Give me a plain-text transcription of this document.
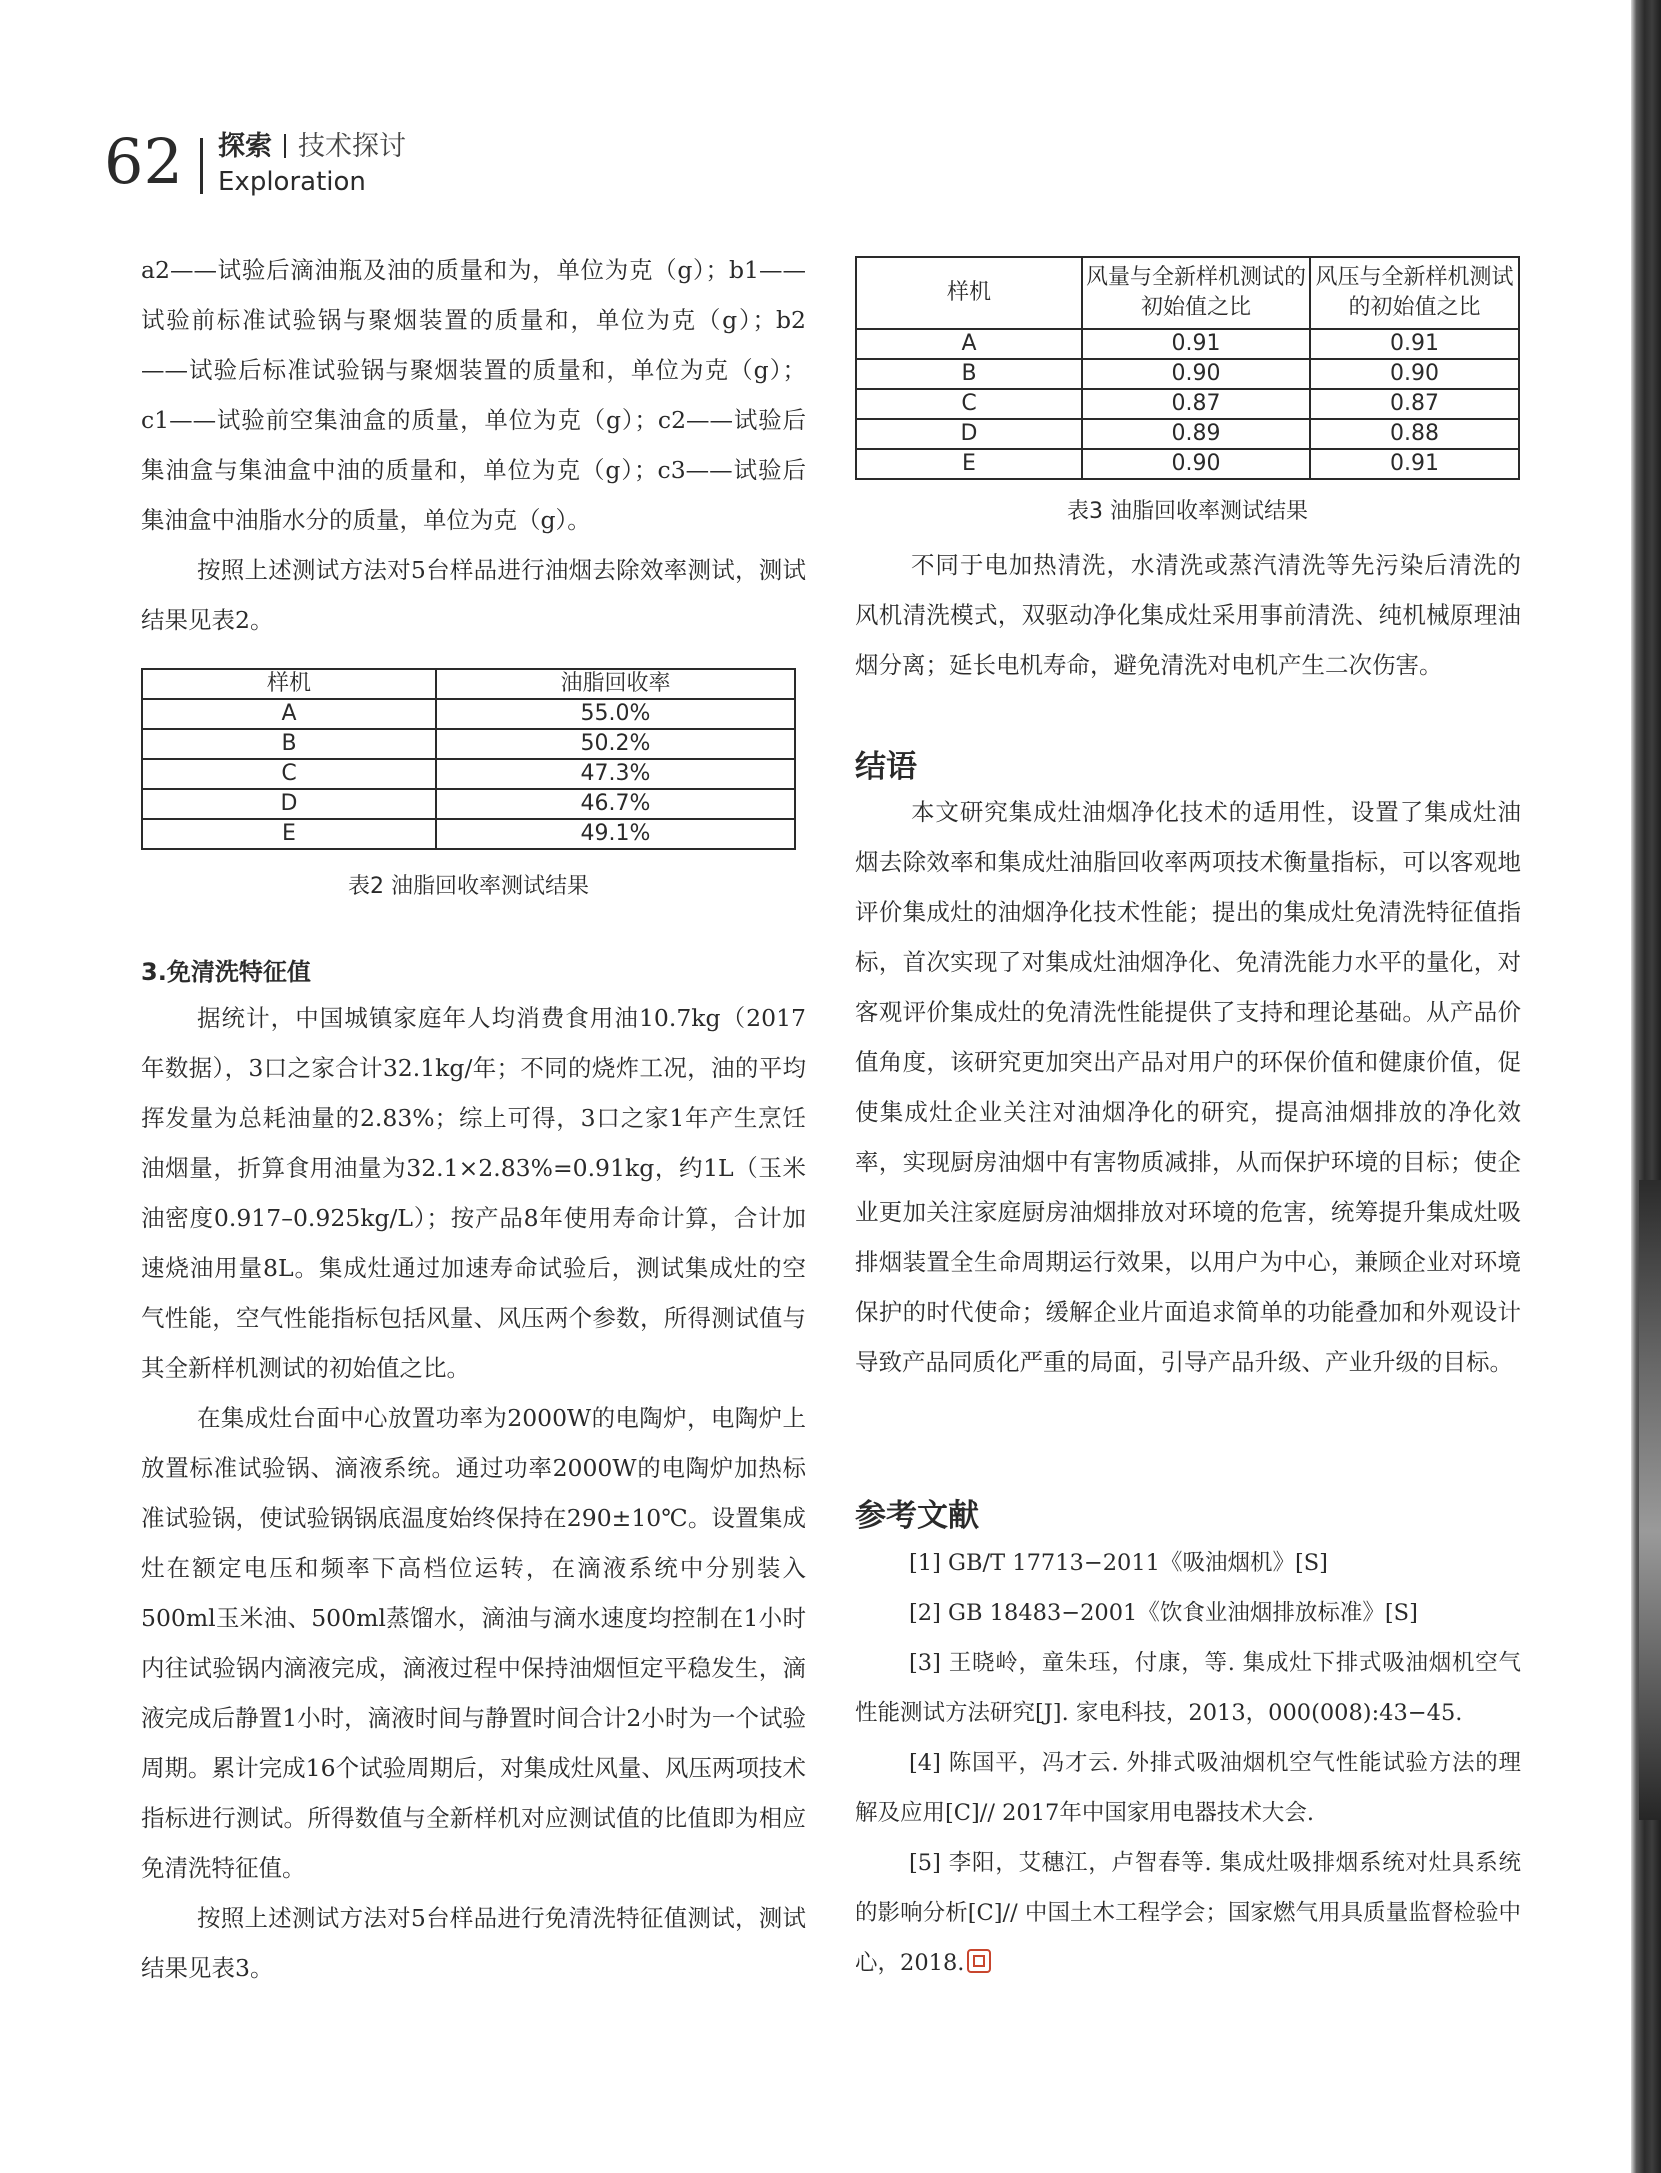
62 探索 技术探讨
Exploration

a2——试验后滴油瓶及油的质量和为，单位为克（g）；b1——试验前标准试验锅与聚烟装置的质量和，单位为克（g）；b2——试验后标准试验锅与聚烟装置的质量和，单位为克（g）；c1——试验前空集油盒的质量，单位为克（g）；c2——试验后集油盒与集油盒中油的质量和，单位为克（g）；c3——试验后集油盒中油脂水分的质量，单位为克（g）。

按照上述测试方法对5台样品进行油烟去除效率测试，测试结果见表2。

样机	油脂回收率
A	55.0%
B	50.2%
C	47.3%
D	46.7%
E	49.1%
表2 油脂回收率测试结果
3.免清洗特征值

据统计，中国城镇家庭年人均消费食用油10.7kg（2017年数据），3口之家合计32.1kg/年；不同的烧炸工况，油的平均挥发量为总耗油量的2.83%；综上可得，3口之家1年产生烹饪油烟量，折算食用油量为32.1×2.83%=0.91kg，约1L（玉米油密度0.917–0.925kg/L）；按产品8年使用寿命计算，合计加速烧油用量8L。集成灶通过加速寿命试验后，测试集成灶的空气性能，空气性能指标包括风量、风压两个参数，所得测试值与其全新样机测试的初始值之比。

在集成灶台面中心放置功率为2000W的电陶炉，电陶炉上放置标准试验锅、滴液系统。通过功率2000W的电陶炉加热标准试验锅，使试验锅锅底温度始终保持在290±10℃。设置集成灶在额定电压和频率下高档位运转，在滴液系统中分别装入500ml玉米油、500ml蒸馏水，滴油与滴水速度均控制在1小时内往试验锅内滴液完成，滴液过程中保持油烟恒定平稳发生，滴液完成后静置1小时，滴液时间与静置时间合计2小时为一个试验周期。累计完成16个试验周期后，对集成灶风量、风压两项技术指标进行测试。所得数值与全新样机对应测试值的比值即为相应免清洗特征值。

按照上述测试方法对5台样品进行免清洗特征值测试，测试结果见表3。

样机	风量与全新样机测试的初始值之比	风压与全新样机测试的初始值之比
A	0.91	0.91
B	0.90	0.90
C	0.87	0.87
D	0.89	0.88
E	0.90	0.91
表3 油脂回收率测试结果

不同于电加热清洗，水清洗或蒸汽清洗等先污染后清洗的风机清洗模式，双驱动净化集成灶采用事前清洗、纯机械原理油烟分离；延长电机寿命，避免清洗对电机产生二次伤害。

结语

本文研究集成灶油烟净化技术的适用性，设置了集成灶油烟去除效率和集成灶油脂回收率两项技术衡量指标，可以客观地评价集成灶的油烟净化技术性能；提出的集成灶免清洗特征值指标，首次实现了对集成灶油烟净化、免清洗能力水平的量化，对客观评价集成灶的免清洗性能提供了支持和理论基础。从产品价值角度，该研究更加突出产品对用户的环保价值和健康价值，促使集成灶企业关注对油烟净化的研究，提高油烟排放的净化效率，实现厨房油烟中有害物质减排，从而保护环境的目标；使企业更加关注家庭厨房油烟排放对环境的危害，统筹提升集成灶吸排烟装置全生命周期运行效果，以用户为中心，兼顾企业对环境保护的时代使命；缓解企业片面追求简单的功能叠加和外观设计导致产品同质化严重的局面，引导产品升级、产业升级的目标。

参考文献

[1] GB/T 17713−2011《吸油烟机》[S]

[2] GB 18483−2001《饮食业油烟排放标准》[S]

[3] 王晓岭，童朱珏，付康，等. 集成灶下排式吸油烟机空气性能测试方法研究[J]. 家电科技，2013，000(008):43−45.

[4] 陈国平，冯才云. 外排式吸油烟机空气性能试验方法的理解及应用[C]// 2017年中国家用电器技术大会.

[5] 李阳，艾穗江，卢智春等. 集成灶吸排烟系统对灶具系统的影响分析[C]// 中国土木工程学会；国家燃气用具质量监督检验中心，2018.
